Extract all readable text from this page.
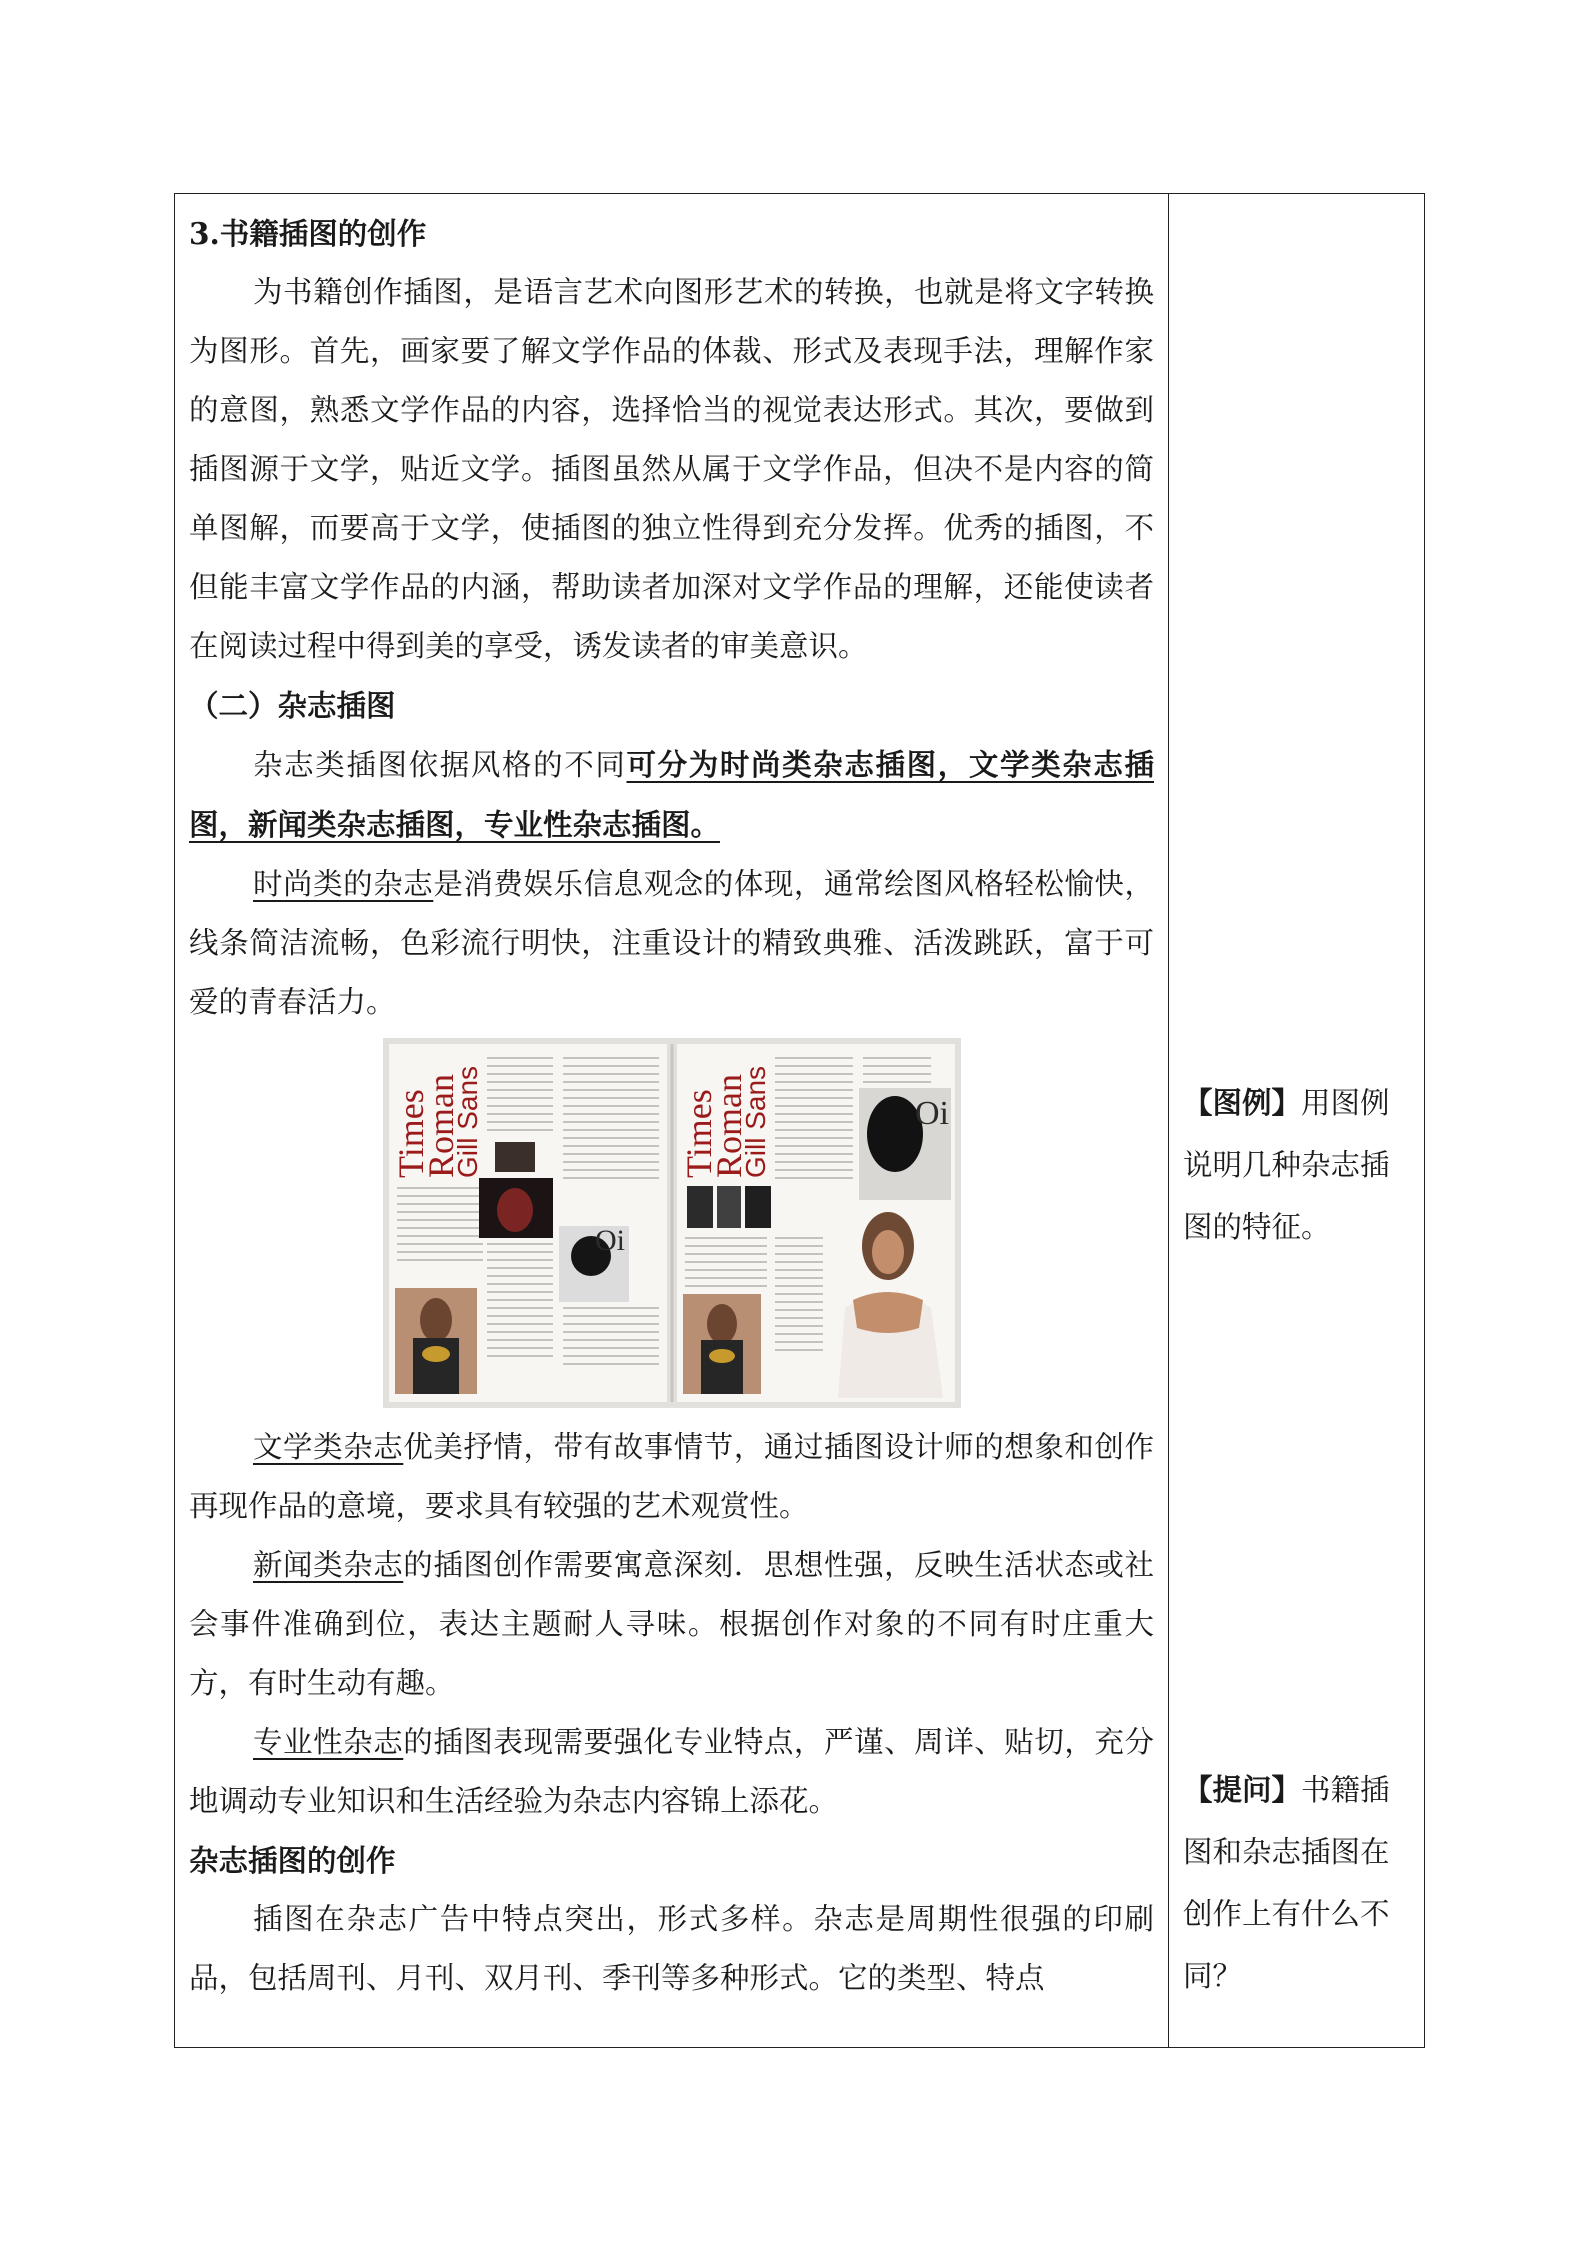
3.书籍插图的创作

为书籍创作插图，是语言艺术向图形艺术的转换，也就是将文字转换为图形。首先，画家要了解文学作品的体裁、形式及表现手法，理解作家的意图，熟悉文学作品的内容，选择恰当的视觉表达形式。其次，要做到插图源于文学，贴近文学。插图虽然从属于文学作品，但决不是内容的简单图解，而要高于文学，使插图的独立性得到充分发挥。优秀的插图，不但能丰富文学作品的内涵，帮助读者加深对文学作品的理解，还能使读者在阅读过程中得到美的享受，诱发读者的审美意识。

（二）杂志插图

杂志类插图依据风格的不同可分为时尚类杂志插图，文学类杂志插图，新闻类杂志插图，专业性杂志插图。

时尚类的杂志是消费娱乐信息观念的体现，通常绘图风格轻松愉快，线条简洁流畅，色彩流行明快，注重设计的精致典雅、活泼跳跃，富于可爱的青春活力。

Times
Roman
Gill Sans
Oi
Times
Roman
Gill Sans	Oi

文学类杂志优美抒情，带有故事情节，通过插图设计师的想象和创作再现作品的意境，要求具有较强的艺术观赏性。

新闻类杂志的插图创作需要寓意深刻．思想性强，反映生活状态或社会事件准确到位，表达主题耐人寻味。根据创作对象的不同有时庄重大方，有时生动有趣。

专业性杂志的插图表现需要强化专业特点，严谨、周详、贴切，充分地调动专业知识和生活经验为杂志内容锦上添花。

杂志插图的创作

插图在杂志广告中特点突出，形式多样。杂志是周期性很强的印刷品，包括周刊、月刊、双月刊、季刊等多种形式。它的类型、特点

【图例】用图例说明几种杂志插图的特征。
【提问】书籍插图和杂志插图在创作上有什么不同？
